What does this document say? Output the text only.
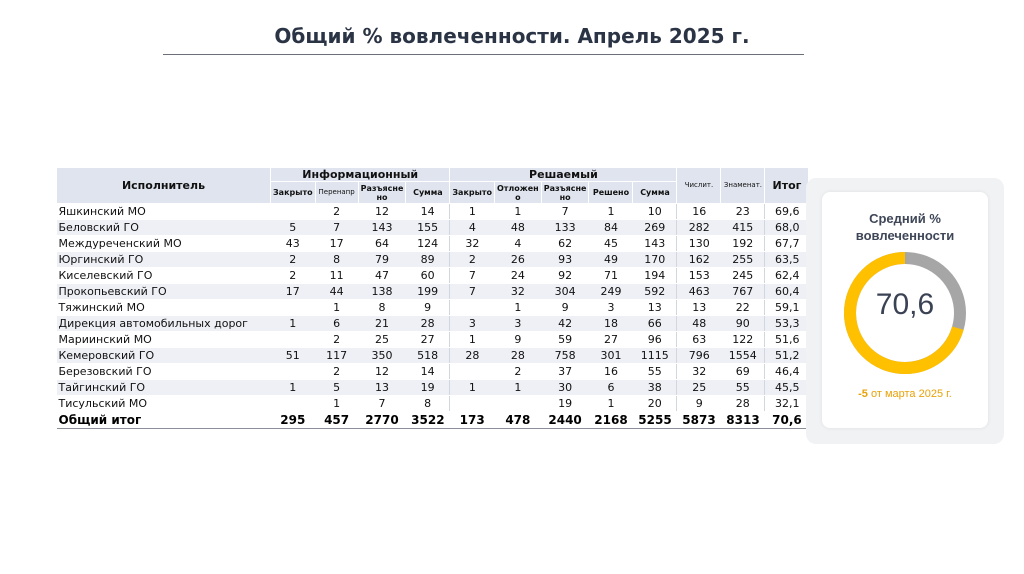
Общий % вовлеченности. Апрель 2025 г.
Исполнитель	Информационный				Решаемый					Числит.	Знаменат.	Итог
	Закрыто	Перенапр	Разъясне но	Сумма	Закрыто	Отложен о	Разъясне но	Решено	Сумма			
Яшкинский МО		2	12	14	1	1	7	1	10	16	23	69,6
Беловский ГО	5	7	143	155	4	48	133	84	269	282	415	68,0
Междуреченский МО	43	17	64	124	32	4	62	45	143	130	192	67,7
Юргинский ГО	2	8	79	89	2	26	93	49	170	162	255	63,5
Киселевский ГО	2	11	47	60	7	24	92	71	194	153	245	62,4
Прокопьевский ГО	17	44	138	199	7	32	304	249	592	463	767	60,4
Тяжинский МО		1	8	9		1	9	3	13	13	22	59,1
Дирекция автомобильных дорог	1	6	21	28	3	3	42	18	66	48	90	53,3
Мариинский МО		2	25	27	1	9	59	27	96	63	122	51,6
Кемеровский ГО	51	117	350	518	28	28	758	301	1115	796	1554	51,2
Березовский ГО		2	12	14		2	37	16	55	32	69	46,4
Тайгинский ГО	1	5	13	19	1	1	30	6	38	25	55	45,5
Тисульский МО		1	7	8			19	1	20	9	28	32,1
Общий итог	295	457	2770	3522	173	478	2440	2168	5255	5873	8313	70,6
Средний %
вовлеченности
70,6
-5 от марта 2025 г.
